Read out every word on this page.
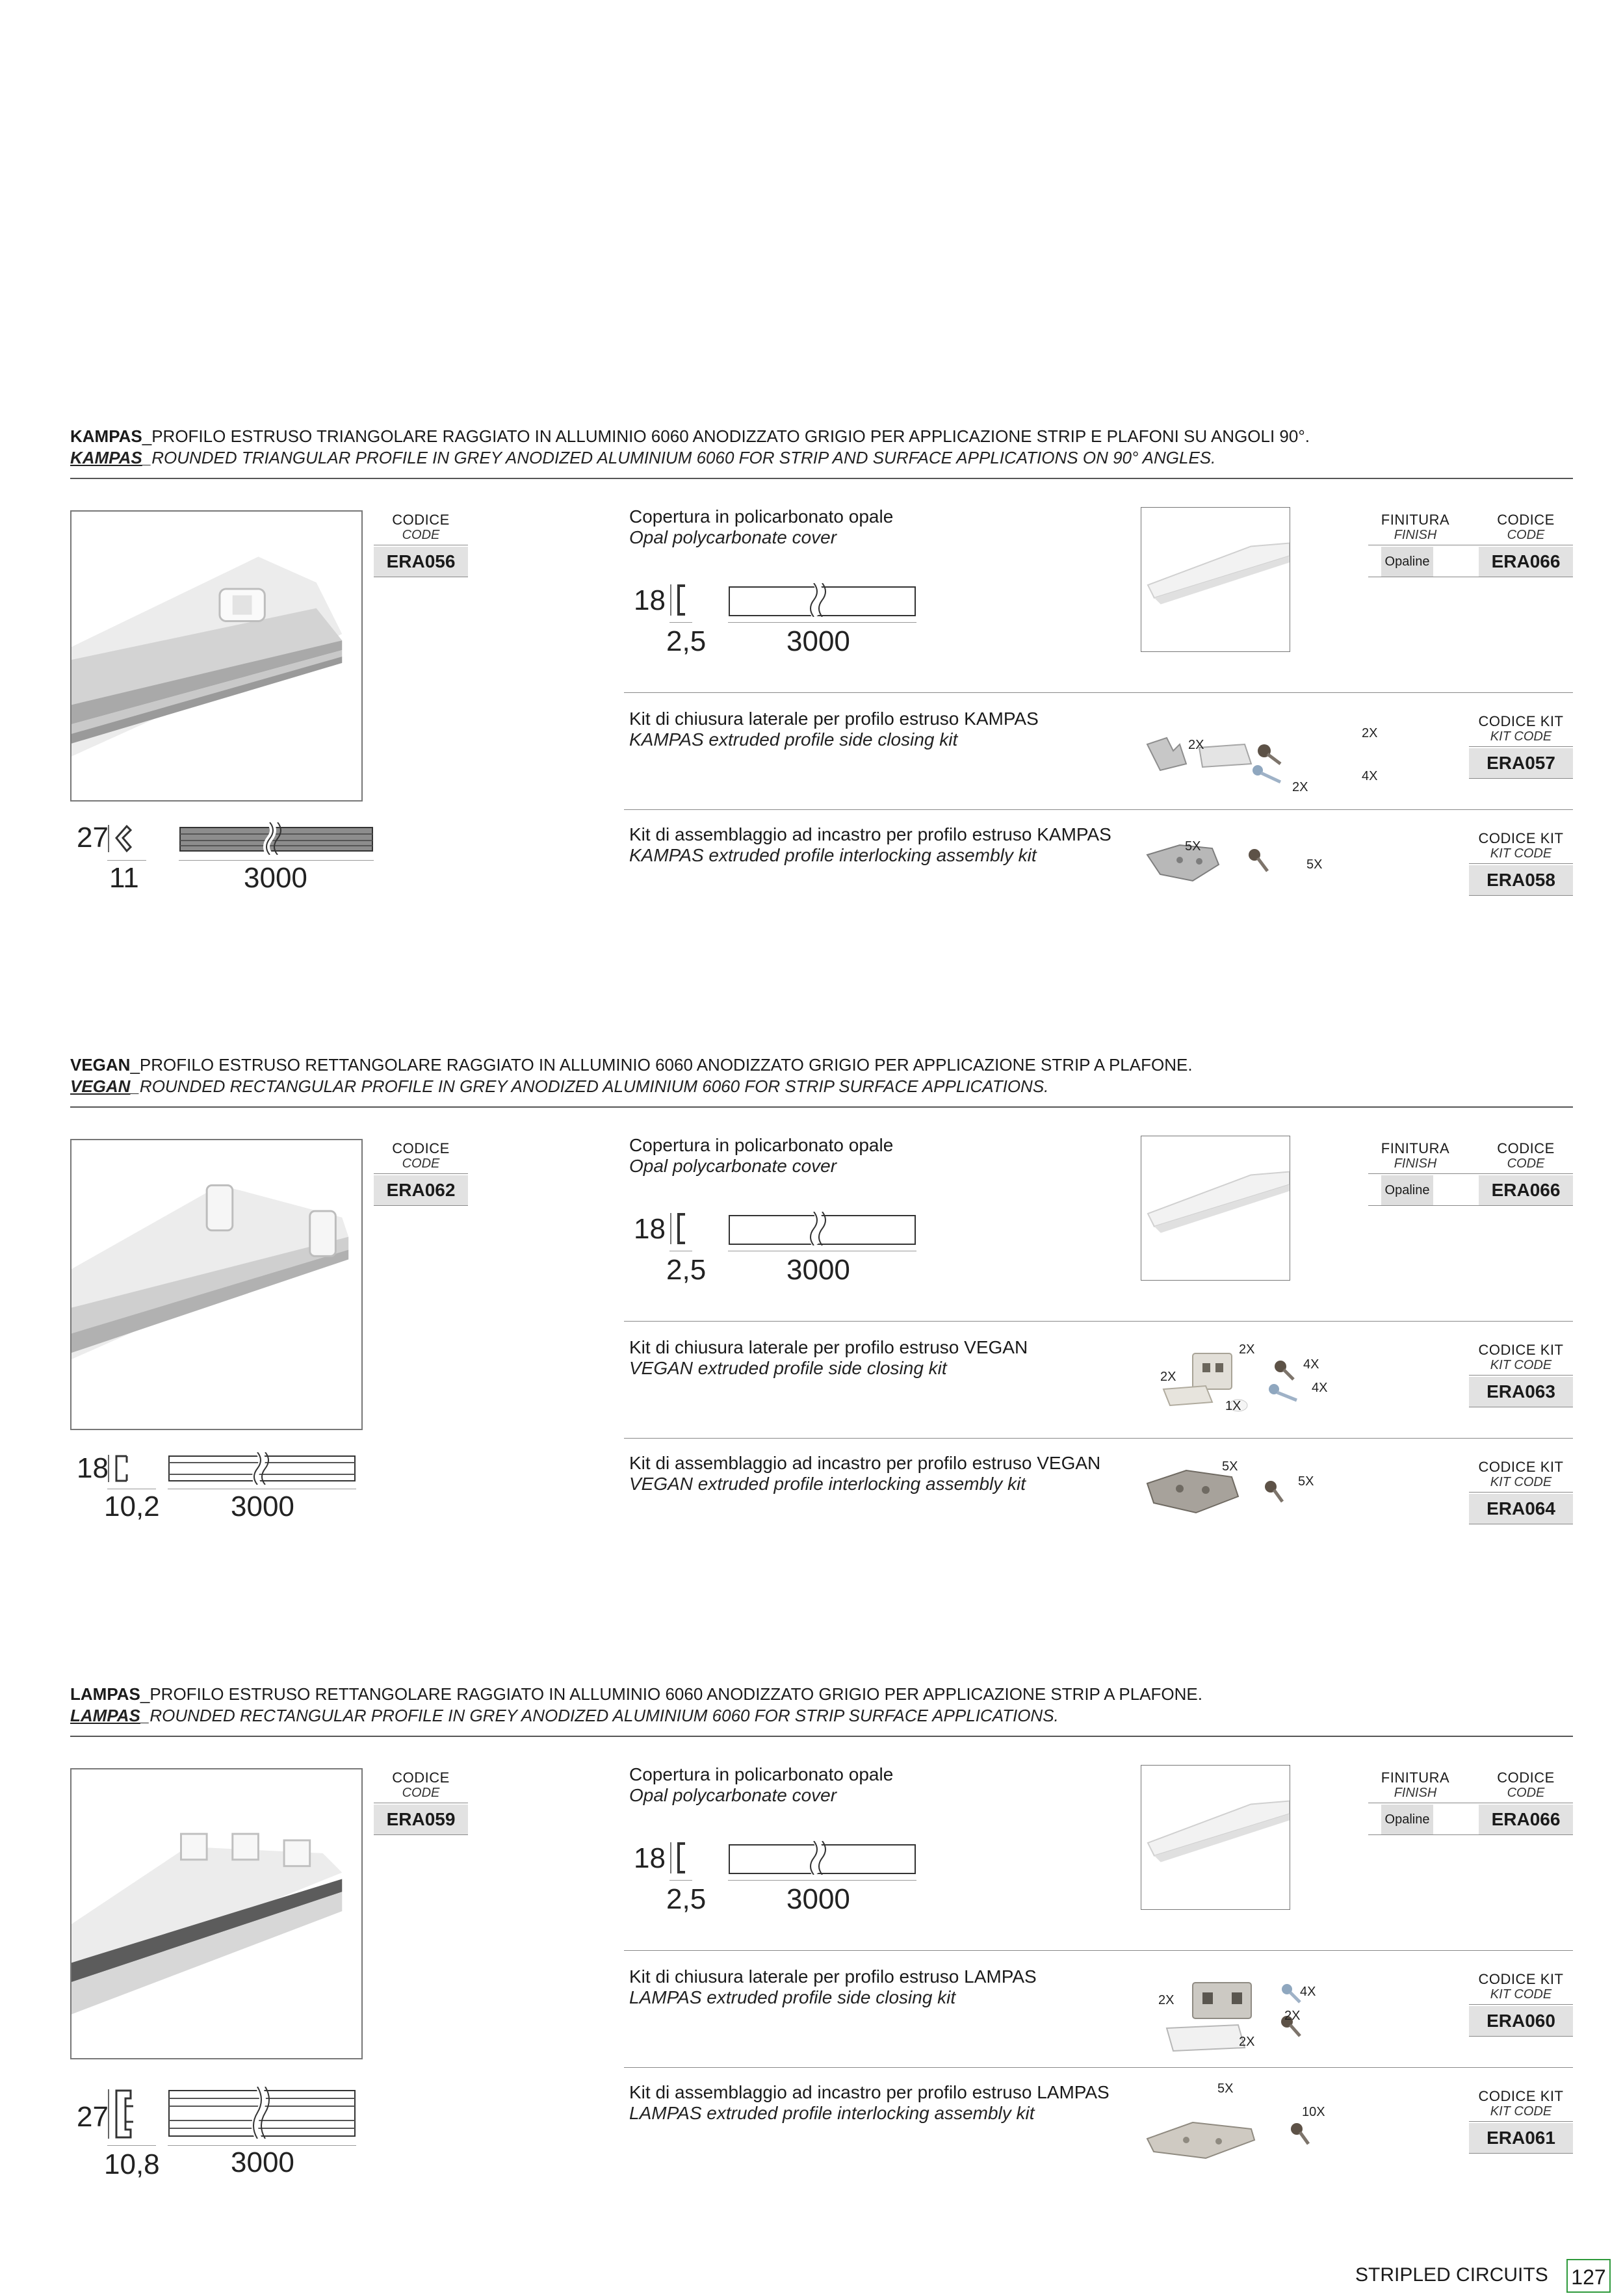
KAMPAS_PROFILO ESTRUSO TRIANGOLARE RAGGIATO IN ALLUMINIO 6060 ANODIZZATO GRIGIO PER APPLICAZIONE STRIP E PLAFONI SU ANGOLI 90°.
KAMPAS_ROUNDED TRIANGULAR PROFILE IN GREY ANODIZED ALUMINIUM 6060 FOR STRIP AND SURFACE APPLICATIONS ON 90° ANGLES.
CODICE
CODE
ERA056
27
11	3000
Copertura in policarbonato opale
Opal polycarbonate cover
18
2,5	3000
FINITURA
FINISH
CODICE
CODE
Opaline	ERA066
Kit di chiusura laterale per profilo estruso KAMPAS
KAMPAS extruded profile side closing kit	2X
2X
2X
4X
CODICE KIT
KIT CODE
ERA057
Kit di assemblaggio ad incastro per profilo estruso KAMPAS
KAMPAS extruded profile interlocking assembly kit	5X
5X
CODICE KIT
KIT CODE
ERA058
VEGAN_PROFILO ESTRUSO RETTANGOLARE RAGGIATO IN ALLUMINIO 6060 ANODIZZATO GRIGIO PER APPLICAZIONE STRIP A PLAFONE.
VEGAN_ROUNDED RECTANGULAR PROFILE IN GREY ANODIZED ALUMINIUM 6060 FOR STRIP SURFACE APPLICATIONS.
CODICE
CODE
ERA062
18
10,2 3000
Copertura in policarbonato opale
Opal polycarbonate cover
18
2,5	3000
FINITURA
FINISH
CODICE
CODE
Opaline	ERA066
Kit di chiusura laterale per profilo estruso VEGAN
VEGAN extruded profile side closing kit
2X
2X
4X
4X
1X
CODICE KIT
KIT CODE
ERA063
Kit di assemblaggio ad incastro per profilo estruso VEGAN
VEGAN extruded profile interlocking assembly kit
5X
5X
CODICE KIT
KIT CODE
ERA064
LAMPAS_PROFILO ESTRUSO RETTANGOLARE RAGGIATO IN ALLUMINIO 6060 ANODIZZATO GRIGIO PER APPLICAZIONE STRIP A PLAFONE.
LAMPAS_ROUNDED RECTANGULAR PROFILE IN GREY ANODIZED ALUMINIUM 6060 FOR STRIP SURFACE APPLICATIONS.
CODICE
CODE
ERA059
27
10,8 3000
Copertura in policarbonato opale
Opal polycarbonate cover
18
2,5	3000
FINITURA
FINISH
CODICE
CODE
Opaline	ERA066
Kit di chiusura laterale per profilo estruso LAMPAS
LAMPAS extruded profile side closing kit	2X
4X
2X
2X
CODICE KIT
KIT CODE
ERA060
Kit di assemblaggio ad incastro per profilo estruso LAMPAS
LAMPAS extruded profile interlocking assembly kit
5X
10X
CODICE KIT
KIT CODE
ERA061
STRIPLED CIRCUITS 127
